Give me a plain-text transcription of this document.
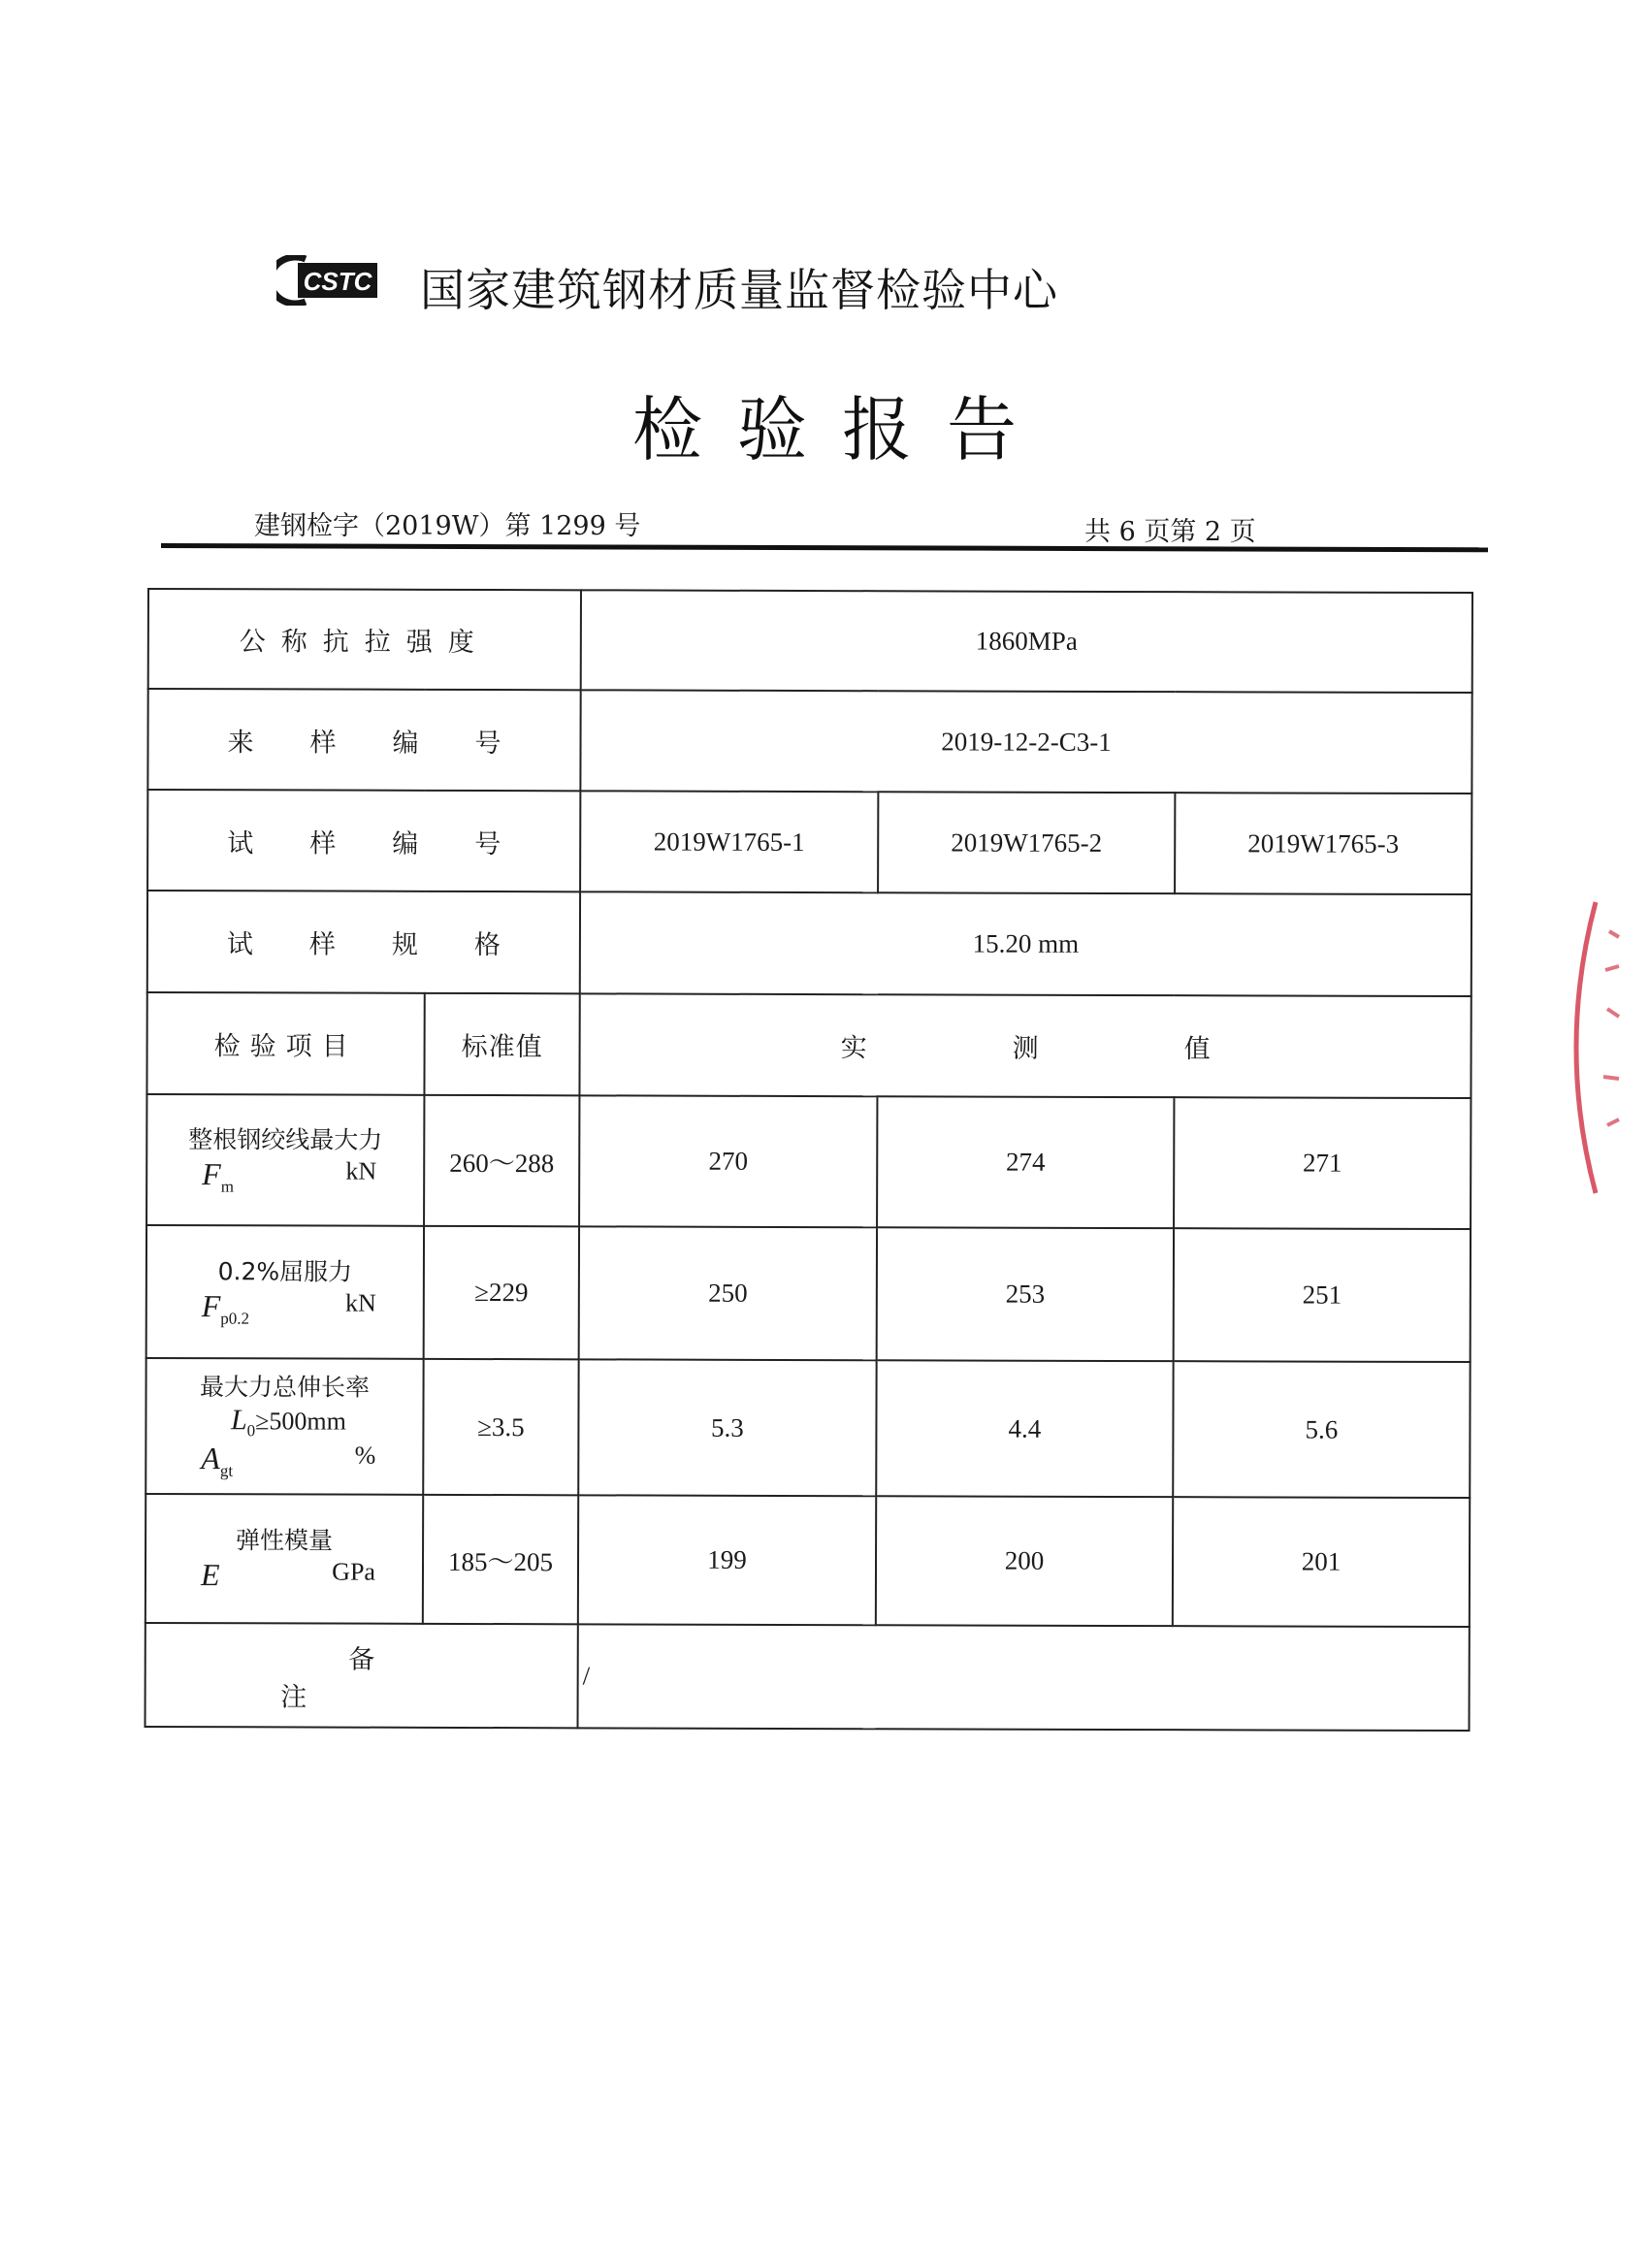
CSTC 国家建筑钢材质量监督检验中心
检验报告
建钢检字（2019W）第 1299 号	共 6 页第 2 页
公称抗拉强度		1860MPa		
来样编号		2019-12-2-C3-1		
试样编号		2019W1765-1	2019W1765-2	2019W1765-3
试样规格		15.20 mm		
检验项目	标准值	实测值		

整根钢绞线最大力
$F_m$
kN	260～288	270	274	271

0.2%屈服力
$F_{p0.2}$
kN	≥229	250	253	251

最大力总伸长率
$L_0\ge 500mm$
$A_{gt}$
%	≥3.5	5.3	4.4	5.6

弹性模量
E GPa	185～205	199	200	201
备注		/		
